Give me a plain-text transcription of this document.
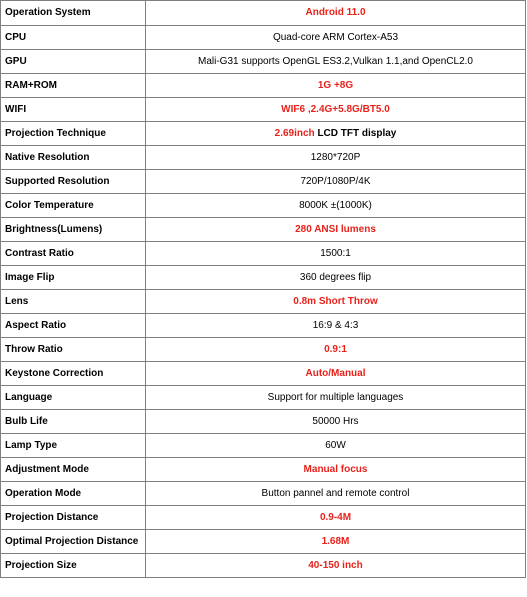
Operation System	Android 11.0
CPU	Quad-core ARM Cortex-A53
GPU	Mali-G31 supports OpenGL ES3.2,Vulkan 1.1,and OpenCL2.0
RAM+ROM	1G +8G
WIFI	WIF6 ,2.4G+5.8G/BT5.0
Projection Technique	2.69inch LCD TFT display
Native Resolution	1280*720P
Supported Resolution	720P/1080P/4K
Color Temperature	8000K ±(1000K)
Brightness(Lumens)	280 ANSI lumens
Contrast Ratio	1500:1
Image Flip	360 degrees flip
Lens	0.8m Short Throw
Aspect Ratio	16:9 & 4:3
Throw Ratio	0.9:1
Keystone Correction	Auto/Manual
Language	Support for multiple languages
Bulb Life	50000 Hrs
Lamp Type	60W
Adjustment Mode	Manual focus
Operation Mode	Button pannel and remote control
Projection Distance	0.9-4M
Optimal Projection Distance	1.68M
Projection Size	40-150 inch
